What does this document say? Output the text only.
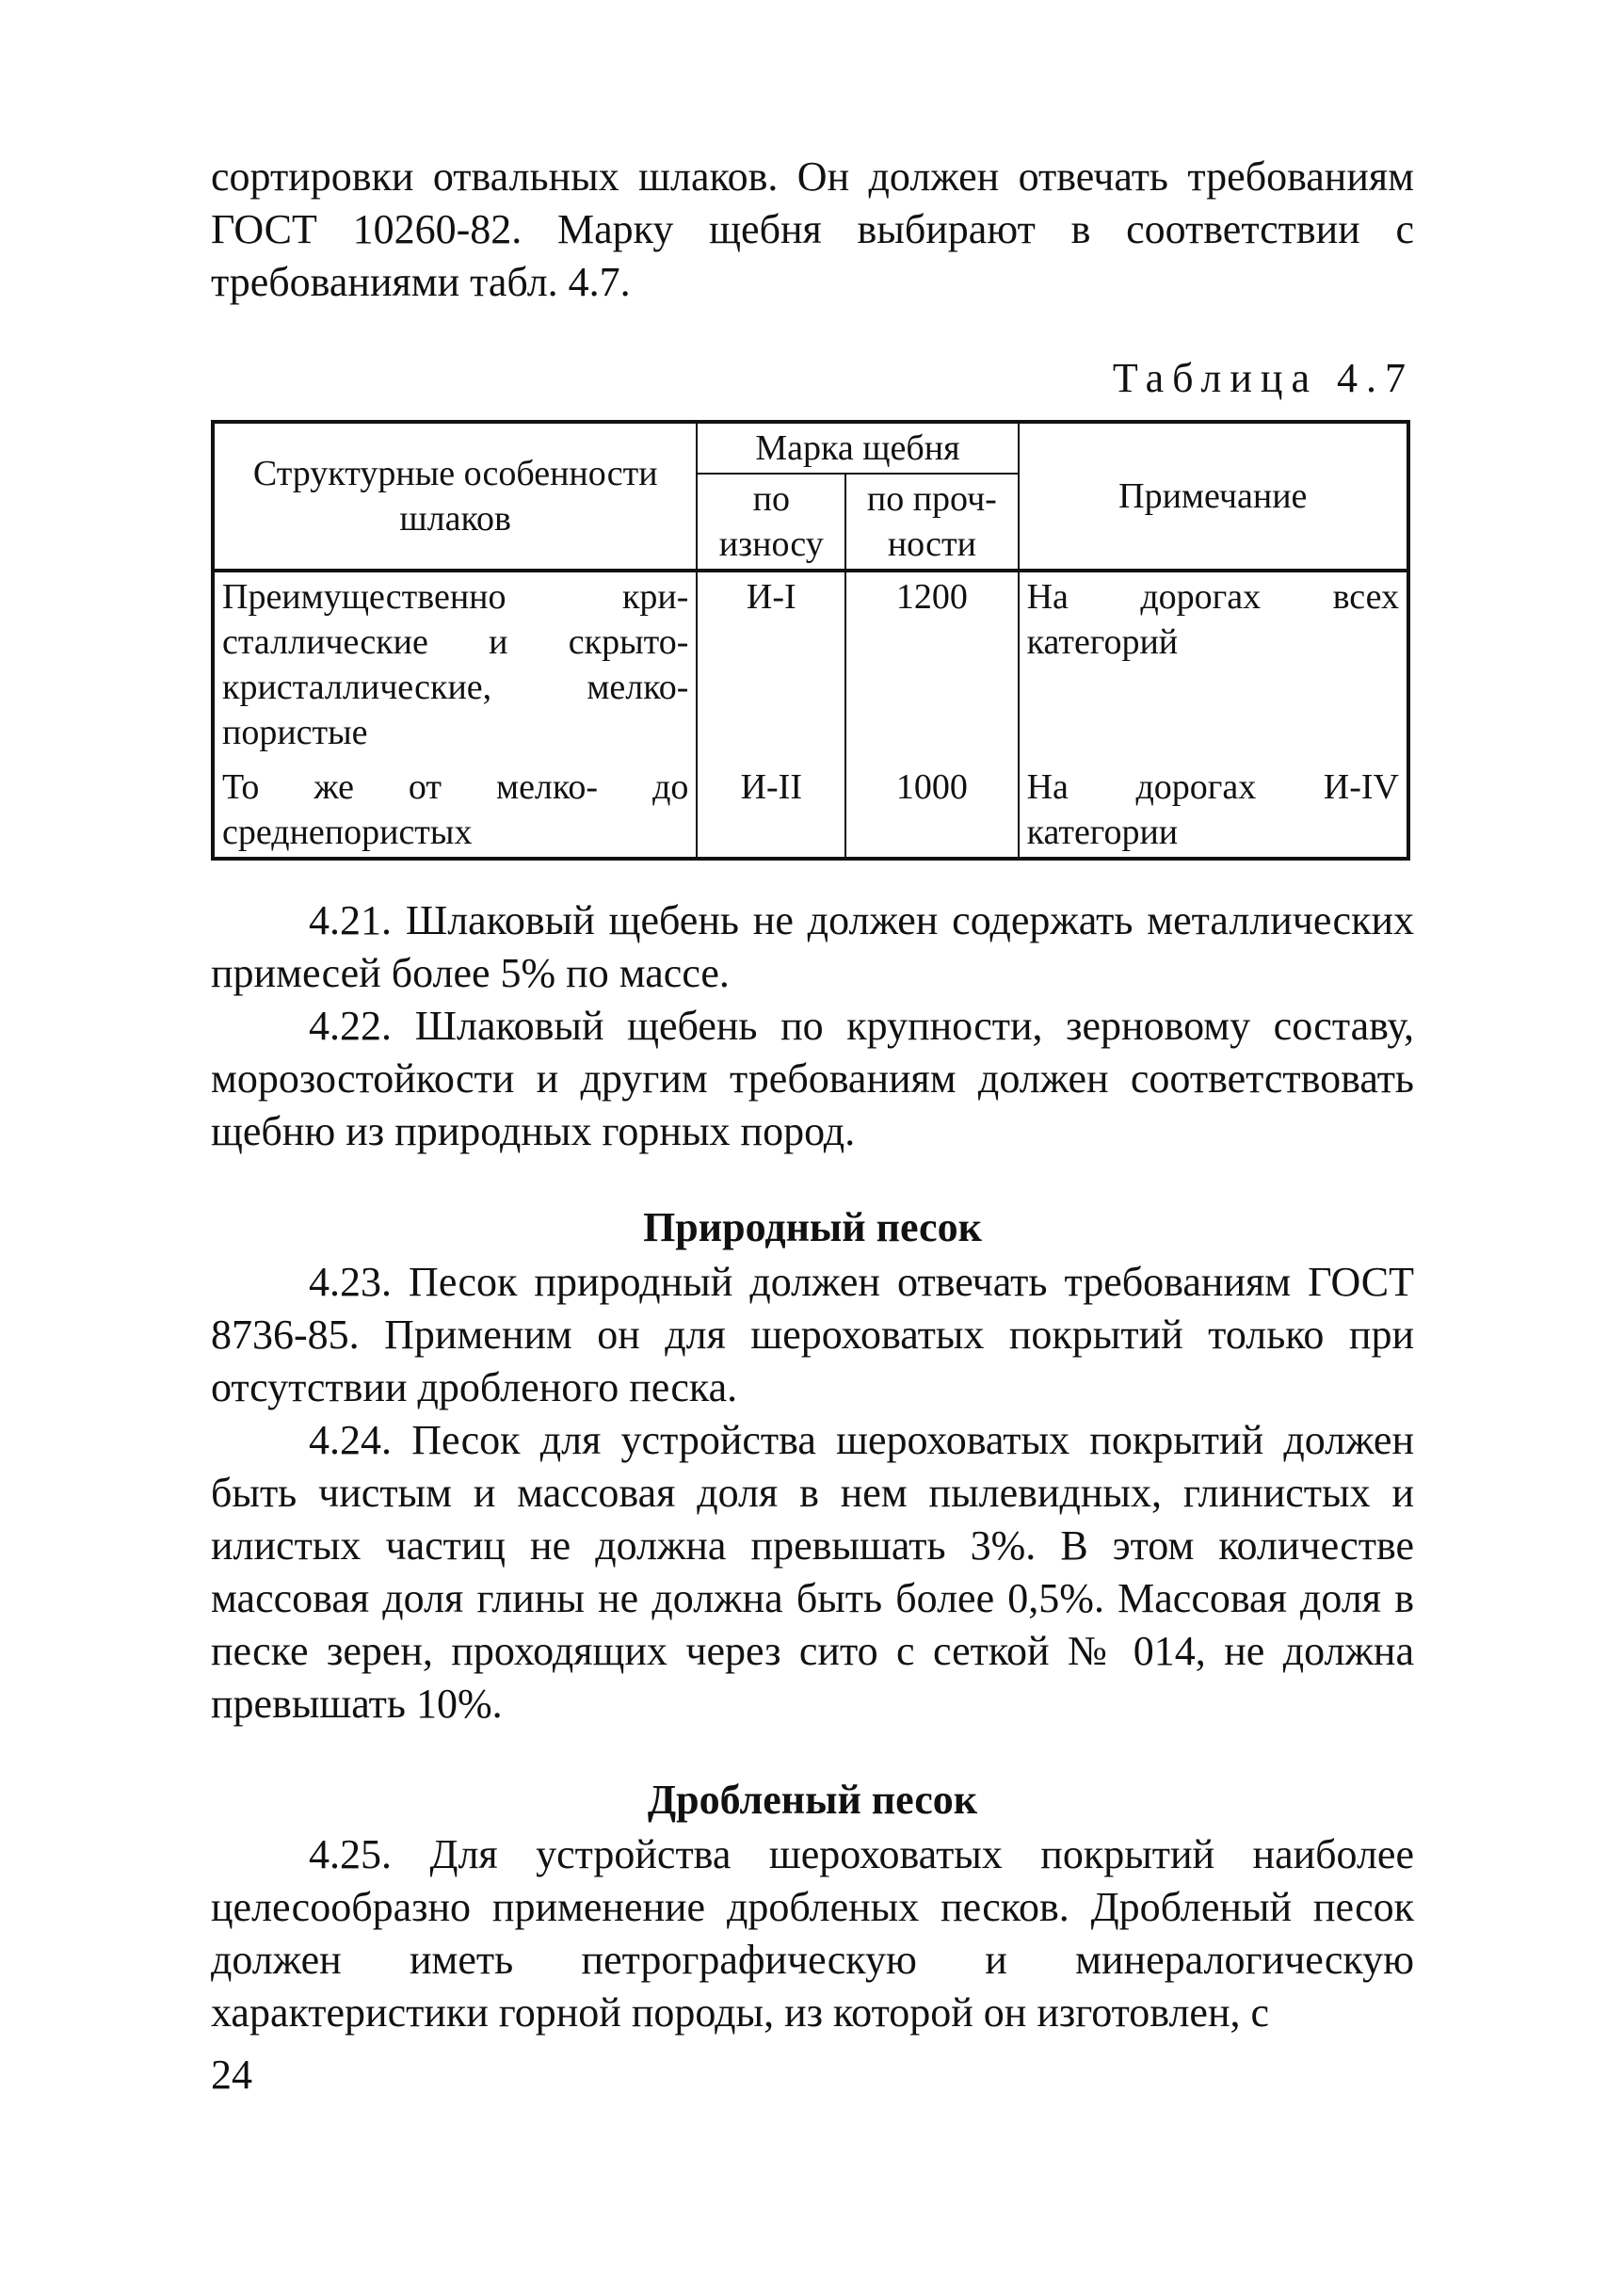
сортировки отвальных шлаков. Он должен отвечать требованиям ГОСТ 10260-82. Марку щебня выбирают в соответствии с требованиями табл. 4.7.

Таблица 4.7
Структурные особенности шлаков	Марка щебня		Примечание
	по износу	по проч-ности	
Преимущественно кри-сталлические и скрыто-кристаллические, мелко-пористые	И-I	1200	На дорогах всех категорий
То же от мелко- до среднепористых	И-II	1000	На дорогах И-IV категории

4.21. Шлаковый щебень не должен содержать металлических примесей более 5% по массе.

4.22. Шлаковый щебень по крупности, зерновому составу, морозостойкости и другим требованиям должен соответствовать щебню из природных горных пород.

Природный песок

4.23. Песок природный должен отвечать требованиям ГОСТ 8736-85. Применим он для шероховатых покрытий только при отсутствии дробленого песка.

4.24. Песок для устройства шероховатых покрытий должен быть чистым и массовая доля в нем пылевидных, глинистых и илистых частиц не должна превышать 3%. В этом количестве массовая доля глины не должна быть более 0,5%. Массовая доля в песке зерен, проходящих через сито с сеткой № 014, не должна превышать 10%.

Дробленый песок

4.25. Для устройства шероховатых покрытий наиболее целесообразно применение дробленых песков. Дробленый песок должен иметь петрографическую и минералогическую характеристики горной породы, из которой он изготовлен, с

24
